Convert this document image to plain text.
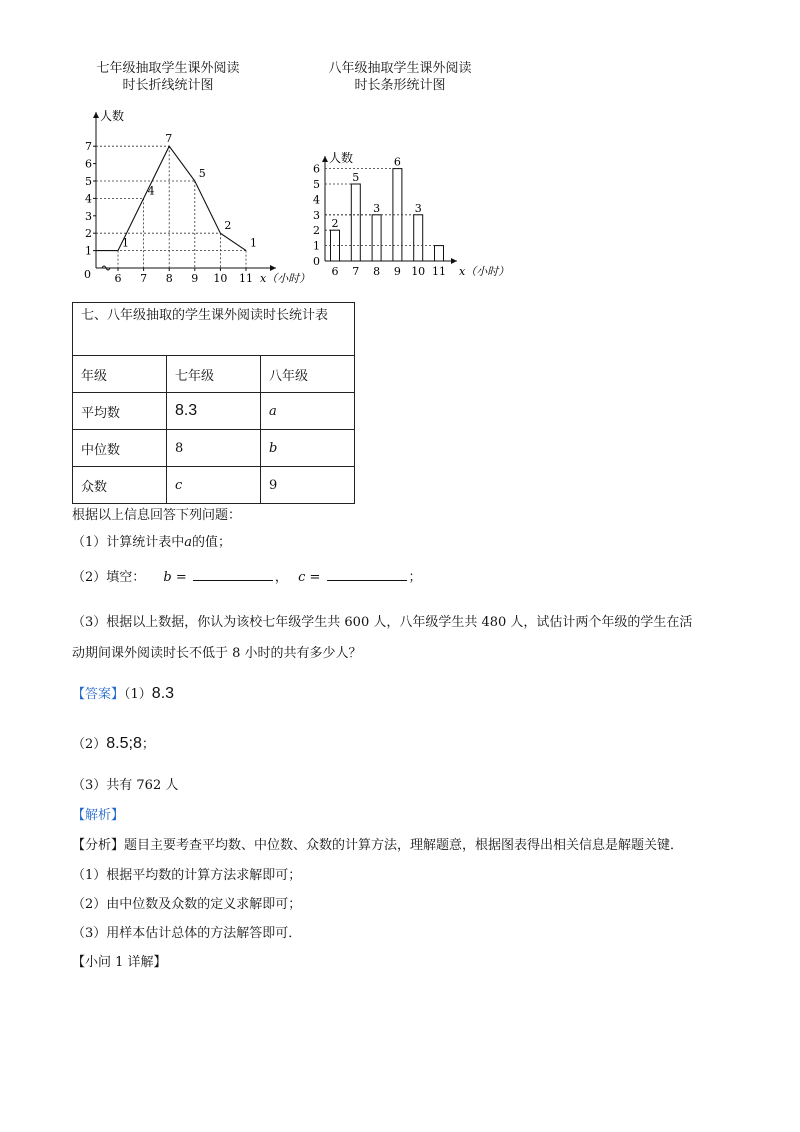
七年级抽取学生课外阅读
时长折线统计图
八年级抽取学生课外阅读
时长条形统计图
人数
x（小时）
0
1
2
3
4
5
6
7
6 7 8 9 10 11
1
4
7
5
2
1
人数
x（小时）
0
1
2
3
4
5
6
2
6
5
7
3
8
6
9
3
10 11
七、八年级抽取的学生课外阅读时长统计表		
年级	七年级	八年级
平均数	8.3	a
中位数	8	b
众数	c	9
根据以上信息回答下列问题：
（1）计算统计表中a的值；
（2）填空： b =	， c =	；
（3）根据以上数据，你认为该校七年级学生共 600 人，八年级学生共 480 人，试估计两个年级的学生在活
动期间课外阅读时长不低于 8 小时的共有多少人？
【答案】（1）8.3
（2）8.5;8；
（3）共有 762 人
【解析】
【分析】题目主要考查平均数、中位数、众数的计算方法，理解题意，根据图表得出相关信息是解题关键．
（1）根据平均数的计算方法求解即可；
（2）由中位数及众数的定义求解即可；
（3）用样本估计总体的方法解答即可．
【小问 1 详解】
